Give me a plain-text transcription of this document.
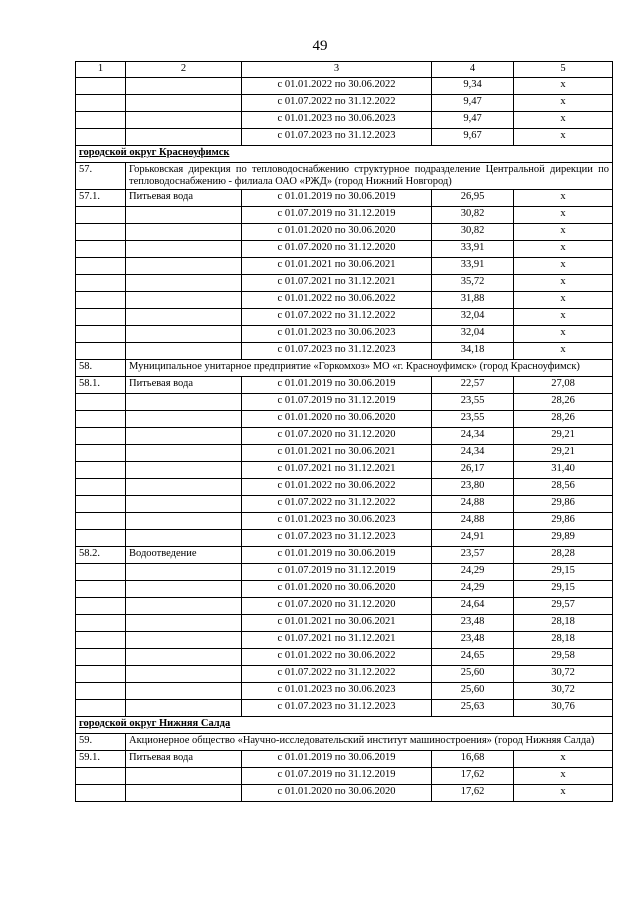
49
1	2	3	4	5
		с 01.01.2022 по 30.06.2022	9,34	х
		с 01.07.2022 по 31.12.2022	9,47	х
		с 01.01.2023 по 30.06.2023	9,47	х
		с 01.07.2023 по 31.12.2023	9,67	х
городской округ Красноуфимск				
57.	Горьковская дирекция по тепловодоснабжению структурное подразделение Центральной дирекции по тепловодоснабжению - филиала ОАО «РЖД» (город Нижний Новгород)			
57.1.	Питьевая вода	с 01.01.2019 по 30.06.2019	26,95	х
		с 01.07.2019 по 31.12.2019	30,82	х
		с 01.01.2020 по 30.06.2020	30,82	х
		с 01.07.2020 по 31.12.2020	33,91	х
		с 01.01.2021 по 30.06.2021	33,91	х
		с 01.07.2021 по 31.12.2021	35,72	х
		с 01.01.2022 по 30.06.2022	31,88	х
		с 01.07.2022 по 31.12.2022	32,04	х
		с 01.01.2023 по 30.06.2023	32,04	х
		с 01.07.2023 по 31.12.2023	34,18	х
58.	Муниципальное унитарное предприятие «Горкомхоз» МО «г. Красноуфимск» (город Красноуфимск)			
58.1.	Питьевая вода	с 01.01.2019 по 30.06.2019	22,57	27,08
		с 01.07.2019 по 31.12.2019	23,55	28,26
		с 01.01.2020 по 30.06.2020	23,55	28,26
		с 01.07.2020 по 31.12.2020	24,34	29,21
		с 01.01.2021 по 30.06.2021	24,34	29,21
		с 01.07.2021 по 31.12.2021	26,17	31,40
		с 01.01.2022 по 30.06.2022	23,80	28,56
		с 01.07.2022 по 31.12.2022	24,88	29,86
		с 01.01.2023 по 30.06.2023	24,88	29,86
		с 01.07.2023 по 31.12.2023	24,91	29,89
58.2.	Водоотведение	с 01.01.2019 по 30.06.2019	23,57	28,28
		с 01.07.2019 по 31.12.2019	24,29	29,15
		с 01.01.2020 по 30.06.2020	24,29	29,15
		с 01.07.2020 по 31.12.2020	24,64	29,57
		с 01.01.2021 по 30.06.2021	23,48	28,18
		с 01.07.2021 по 31.12.2021	23,48	28,18
		с 01.01.2022 по 30.06.2022	24,65	29,58
		с 01.07.2022 по 31.12.2022	25,60	30,72
		с 01.01.2023 по 30.06.2023	25,60	30,72
		с 01.07.2023 по 31.12.2023	25,63	30,76
городской округ Нижняя Салда				
59.	Акционерное общество «Научно-исследовательский институт машиностроения» (город Нижняя Салда)			
59.1.	Питьевая вода	с 01.01.2019 по 30.06.2019	16,68	х
		с 01.07.2019 по 31.12.2019	17,62	х
		с 01.01.2020 по 30.06.2020	17,62	х
